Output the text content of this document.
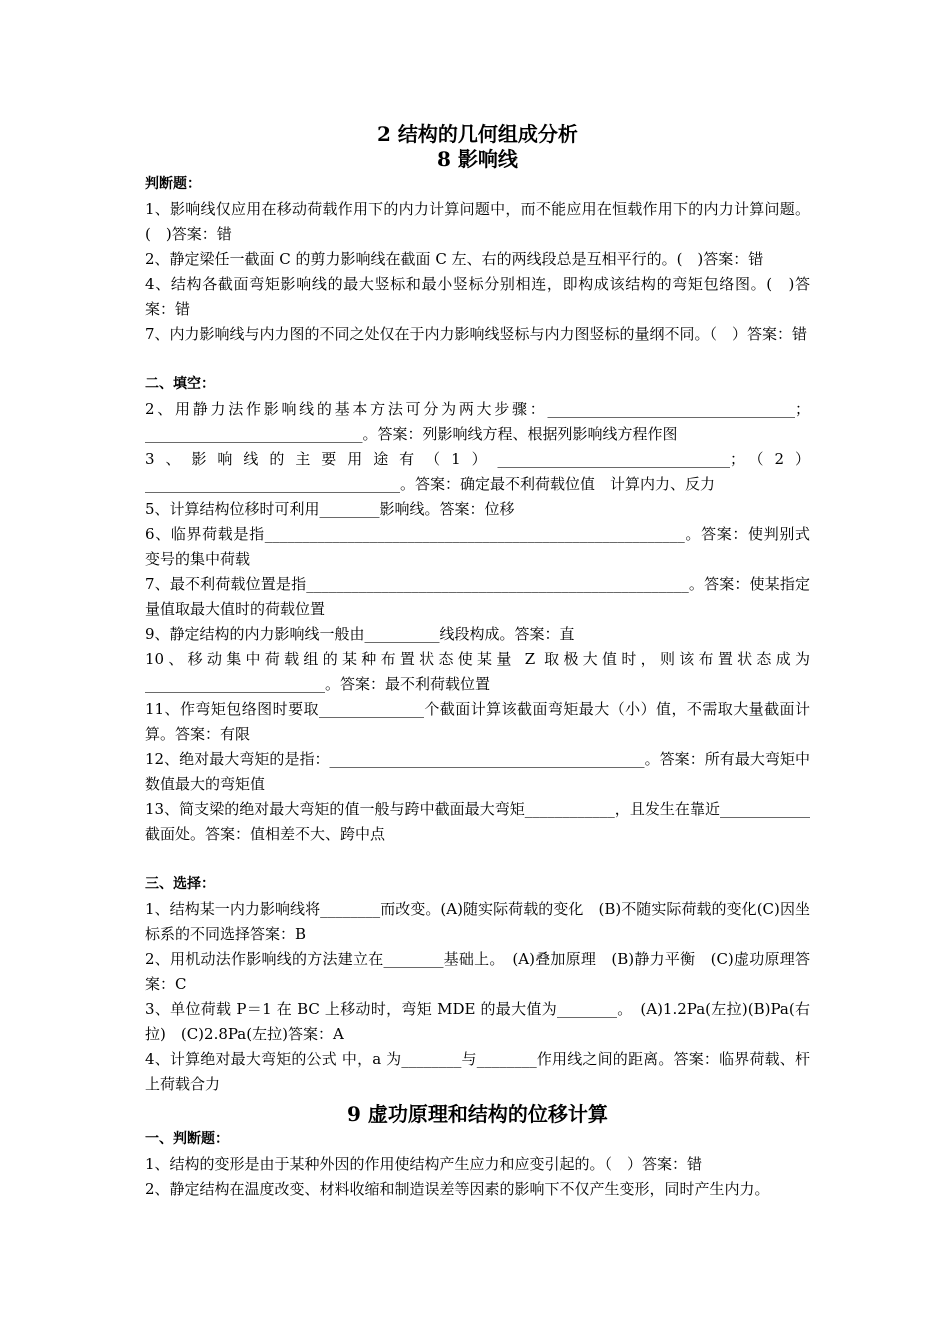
2 结构的几何组成分析
8 影响线

判断题：

1、影响线仅应用在移动荷载作用下的内力计算问题中，而不能应用在恒载作用下的内力计算问题。(　)答案：错

2、静定梁任一截面 C 的剪力影响线在截面 C 左、右的两线段总是互相平行的。(　)答案：错

4、结构各截面弯矩影响线的最大竖标和最小竖标分别相连，即构成该结构的弯矩包络图。(　)答案：错

7、内力影响线与内力图的不同之处仅在于内力影响线竖标与内力图竖标的量纲不同。（　）答案：错

二、填空：

2、用静力法作影响线的基本方法可分为两大步骤：_________________________________；_____________________________。答案：列影响线方程、根据列影响线方程作图

3、影响线的主要用途有（1）_______________________________；（2）__________________________________。答案：确定最不利荷载位值　计算内力、反力

5、计算结构位移时可利用________影响线。答案：位移

6、临界荷载是指________________________________________________________。答案：使判别式变号的集中荷载

7、最不利荷载位置是指___________________________________________________。答案：使某指定量值取最大值时的荷载位置

9、静定结构的内力影响线一般由__________线段构成。答案：直

10、移动集中荷载组的某种布置状态使某量 Z 取极大值时，则该布置状态成为________________________。答案：最不利荷载位置

11、作弯矩包络图时要取______________个截面计算该截面弯矩最大（小）值，不需取大量截面计算。答案：有限

12、绝对最大弯矩的是指：__________________________________________。答案：所有最大弯矩中数值最大的弯矩值

13、简支梁的绝对最大弯矩的值一般与跨中截面最大弯矩____________，且发生在靠近____________截面处。答案：值相差不大、跨中点

三、选择：

1、结构某一内力影响线将________而改变。(A)随实际荷载的变化　(B)不随实际荷载的变化(C)因坐标系的不同选择答案：B

2、用机动法作影响线的方法建立在________基础上。　(A)叠加原理　(B)静力平衡　(C)虚功原理答案：C

3、单位荷载 P＝1 在 BC 上移动时，弯矩 MDE 的最大值为________。　(A)1.2Pa(左拉)(B)Pa(右拉)　(C)2.8Pa(左拉)答案：A

4、计算绝对最大弯矩的公式 中，a 为________与________作用线之间的距离。答案：临界荷载、杆上荷载合力

9 虚功原理和结构的位移计算

一、判断题：

1、结构的变形是由于某种外因的作用使结构产生应力和应变引起的。（　）答案：错

2、静定结构在温度改变、材料收缩和制造误差等因素的影响下不仅产生变形，同时产生内力。
